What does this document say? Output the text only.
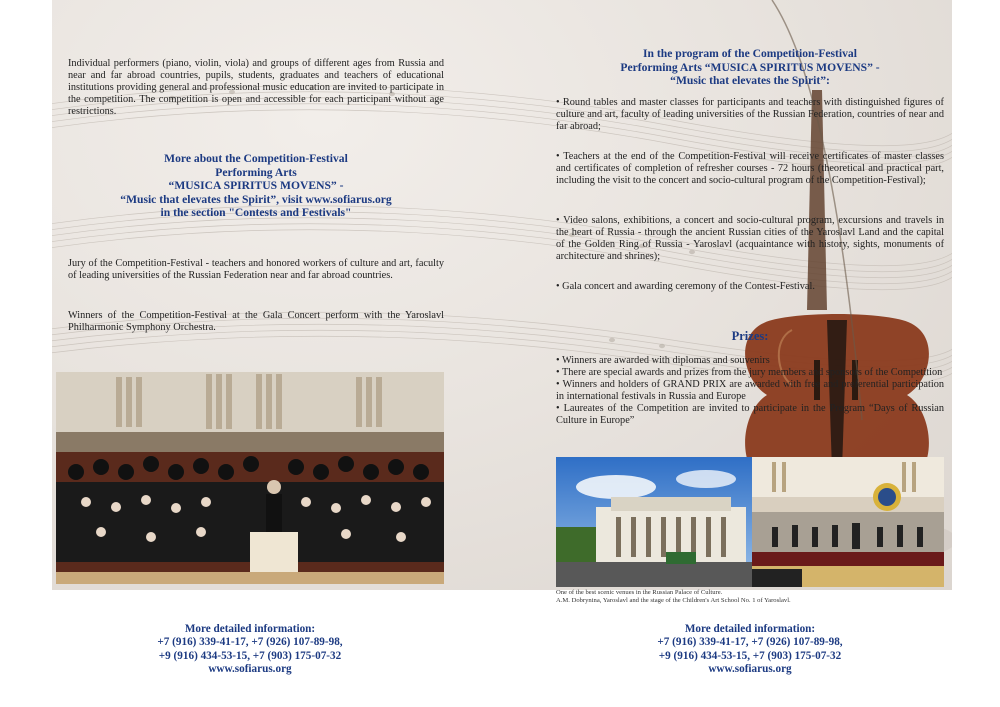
Individual performers (piano, violin, viola) and groups of different ages from Russia and near and far abroad countries, pupils, students, graduates and teachers of educational institutions providing general and professional music education are invited to participate in the competition. The competition is open and accessible for each participant without age restrictions.

More about the Competition-Festival
Performing Arts
“MUSICA SPIRITUS MOVENS” -
“Music that elevates the Spirit”, visit www.sofiarus.org
in the section "Contests and Festivals"

Jury of the Competition-Festival - teachers and honored workers of culture and art, faculty of leading universities of the Russian Federation near and far abroad countries.

Winners of the Competition-Festival at the Gala Concert perform with the Yaroslavl Philharmonic Symphony Orchestra.

In the program of the Competition-Festival
Performing Arts “MUSICA SPIRITUS MOVENS” -
“Music that elevates the Spirit”:

• Round tables and master classes for participants and teachers with distinguished figures of culture and art, faculty of leading universities of the Russian Federation, countries of near and far abroad;

• Teachers at the end of the Competition-Festival will receive certificates of master classes and certificates of completion of refresher courses - 72 hours (theoretical and practical part, including the visit to the concert and socio-cultural program of the Competition-Festival);

• Video salons, exhibitions, a concert and socio-cultural program, excursions and travels in the heart of Russia - through the ancient Russian cities of the Yaroslavl Land and the capital of the Golden Ring of Russia - Yaroslavl (acquaintance with history, sights, monuments of architecture and shrines);

• Gala concert and awarding ceremony of the Contest-Festival.

Prizes:

• Winners are awarded with diplomas and souvenirs

• There are special awards and prizes from the jury members and sponsors of the Competition

• Winners and holders of GRAND PRIX are awarded with free and preferential participation in international festivals in Russia and Europe

• Laureates of the Competition are invited to participate in the Program “Days of Russian Culture in Europe”

One of the best scenic venues in the Russian Palace of Culture.
A.M. Dobrynina, Yaroslavl and the stage of the Children's Art School No. 1 of Yaroslavl.
More detailed information:
+7 (916) 339-41-17, +7 (926) 107-89-98,
+9 (916) 434-53-15, +7 (903) 175-07-32
www.sofiarus.org
More detailed information:
+7 (916) 339-41-17, +7 (926) 107-89-98,
+9 (916) 434-53-15, +7 (903) 175-07-32
www.sofiarus.org
